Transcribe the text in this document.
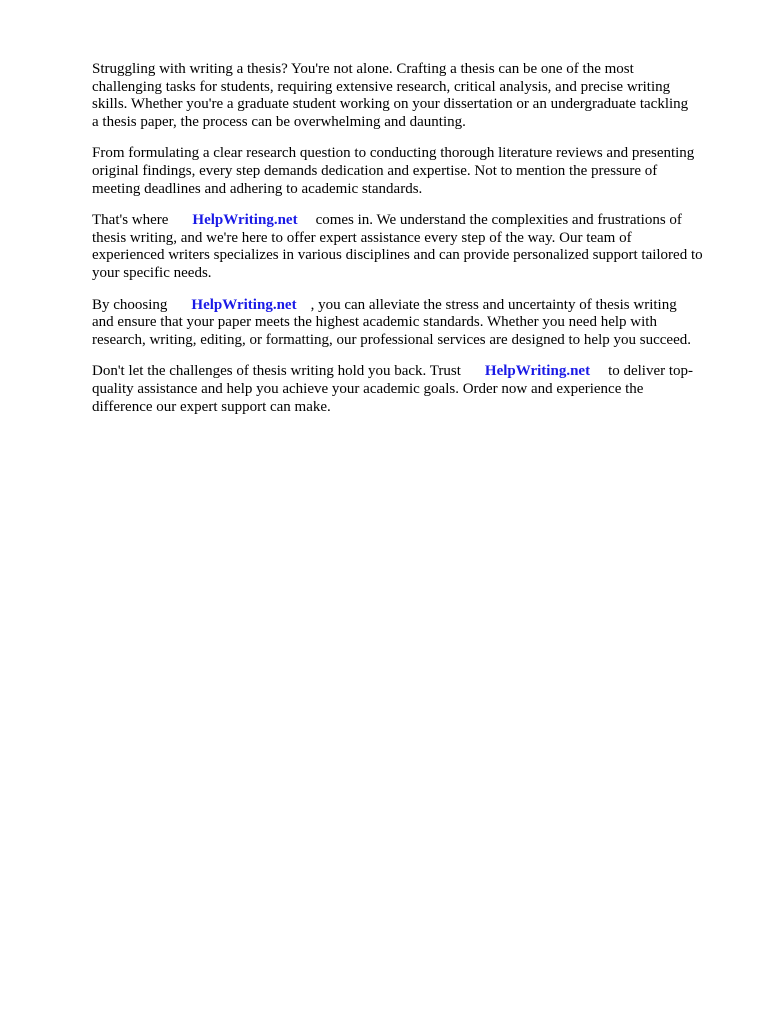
Struggling with writing a thesis? You're not alone. Crafting a thesis can be one of the most
challenging tasks for students, requiring extensive research, critical analysis, and precise writing
skills. Whether you're a graduate student working on your dissertation or an undergraduate tackling
a thesis paper, the process can be overwhelming and daunting.

From formulating a clear research question to conducting thorough literature reviews and presenting
original findings, every step demands dedication and expertise. Not to mention the pressure of
meeting deadlines and adhering to academic standards.

That's where HelpWriting.net comes in. We understand the complexities and frustrations of
thesis writing, and we're here to offer expert assistance every step of the way. Our team of
experienced writers specializes in various disciplines and can provide personalized support tailored to
your specific needs.

By choosing HelpWriting.net , you can alleviate the stress and uncertainty of thesis writing
and ensure that your paper meets the highest academic standards. Whether you need help with
research, writing, editing, or formatting, our professional services are designed to help you succeed.

Don't let the challenges of thesis writing hold you back. Trust HelpWriting.net to deliver top-
quality assistance and help you achieve your academic goals. Order now and experience the
difference our expert support can make.
